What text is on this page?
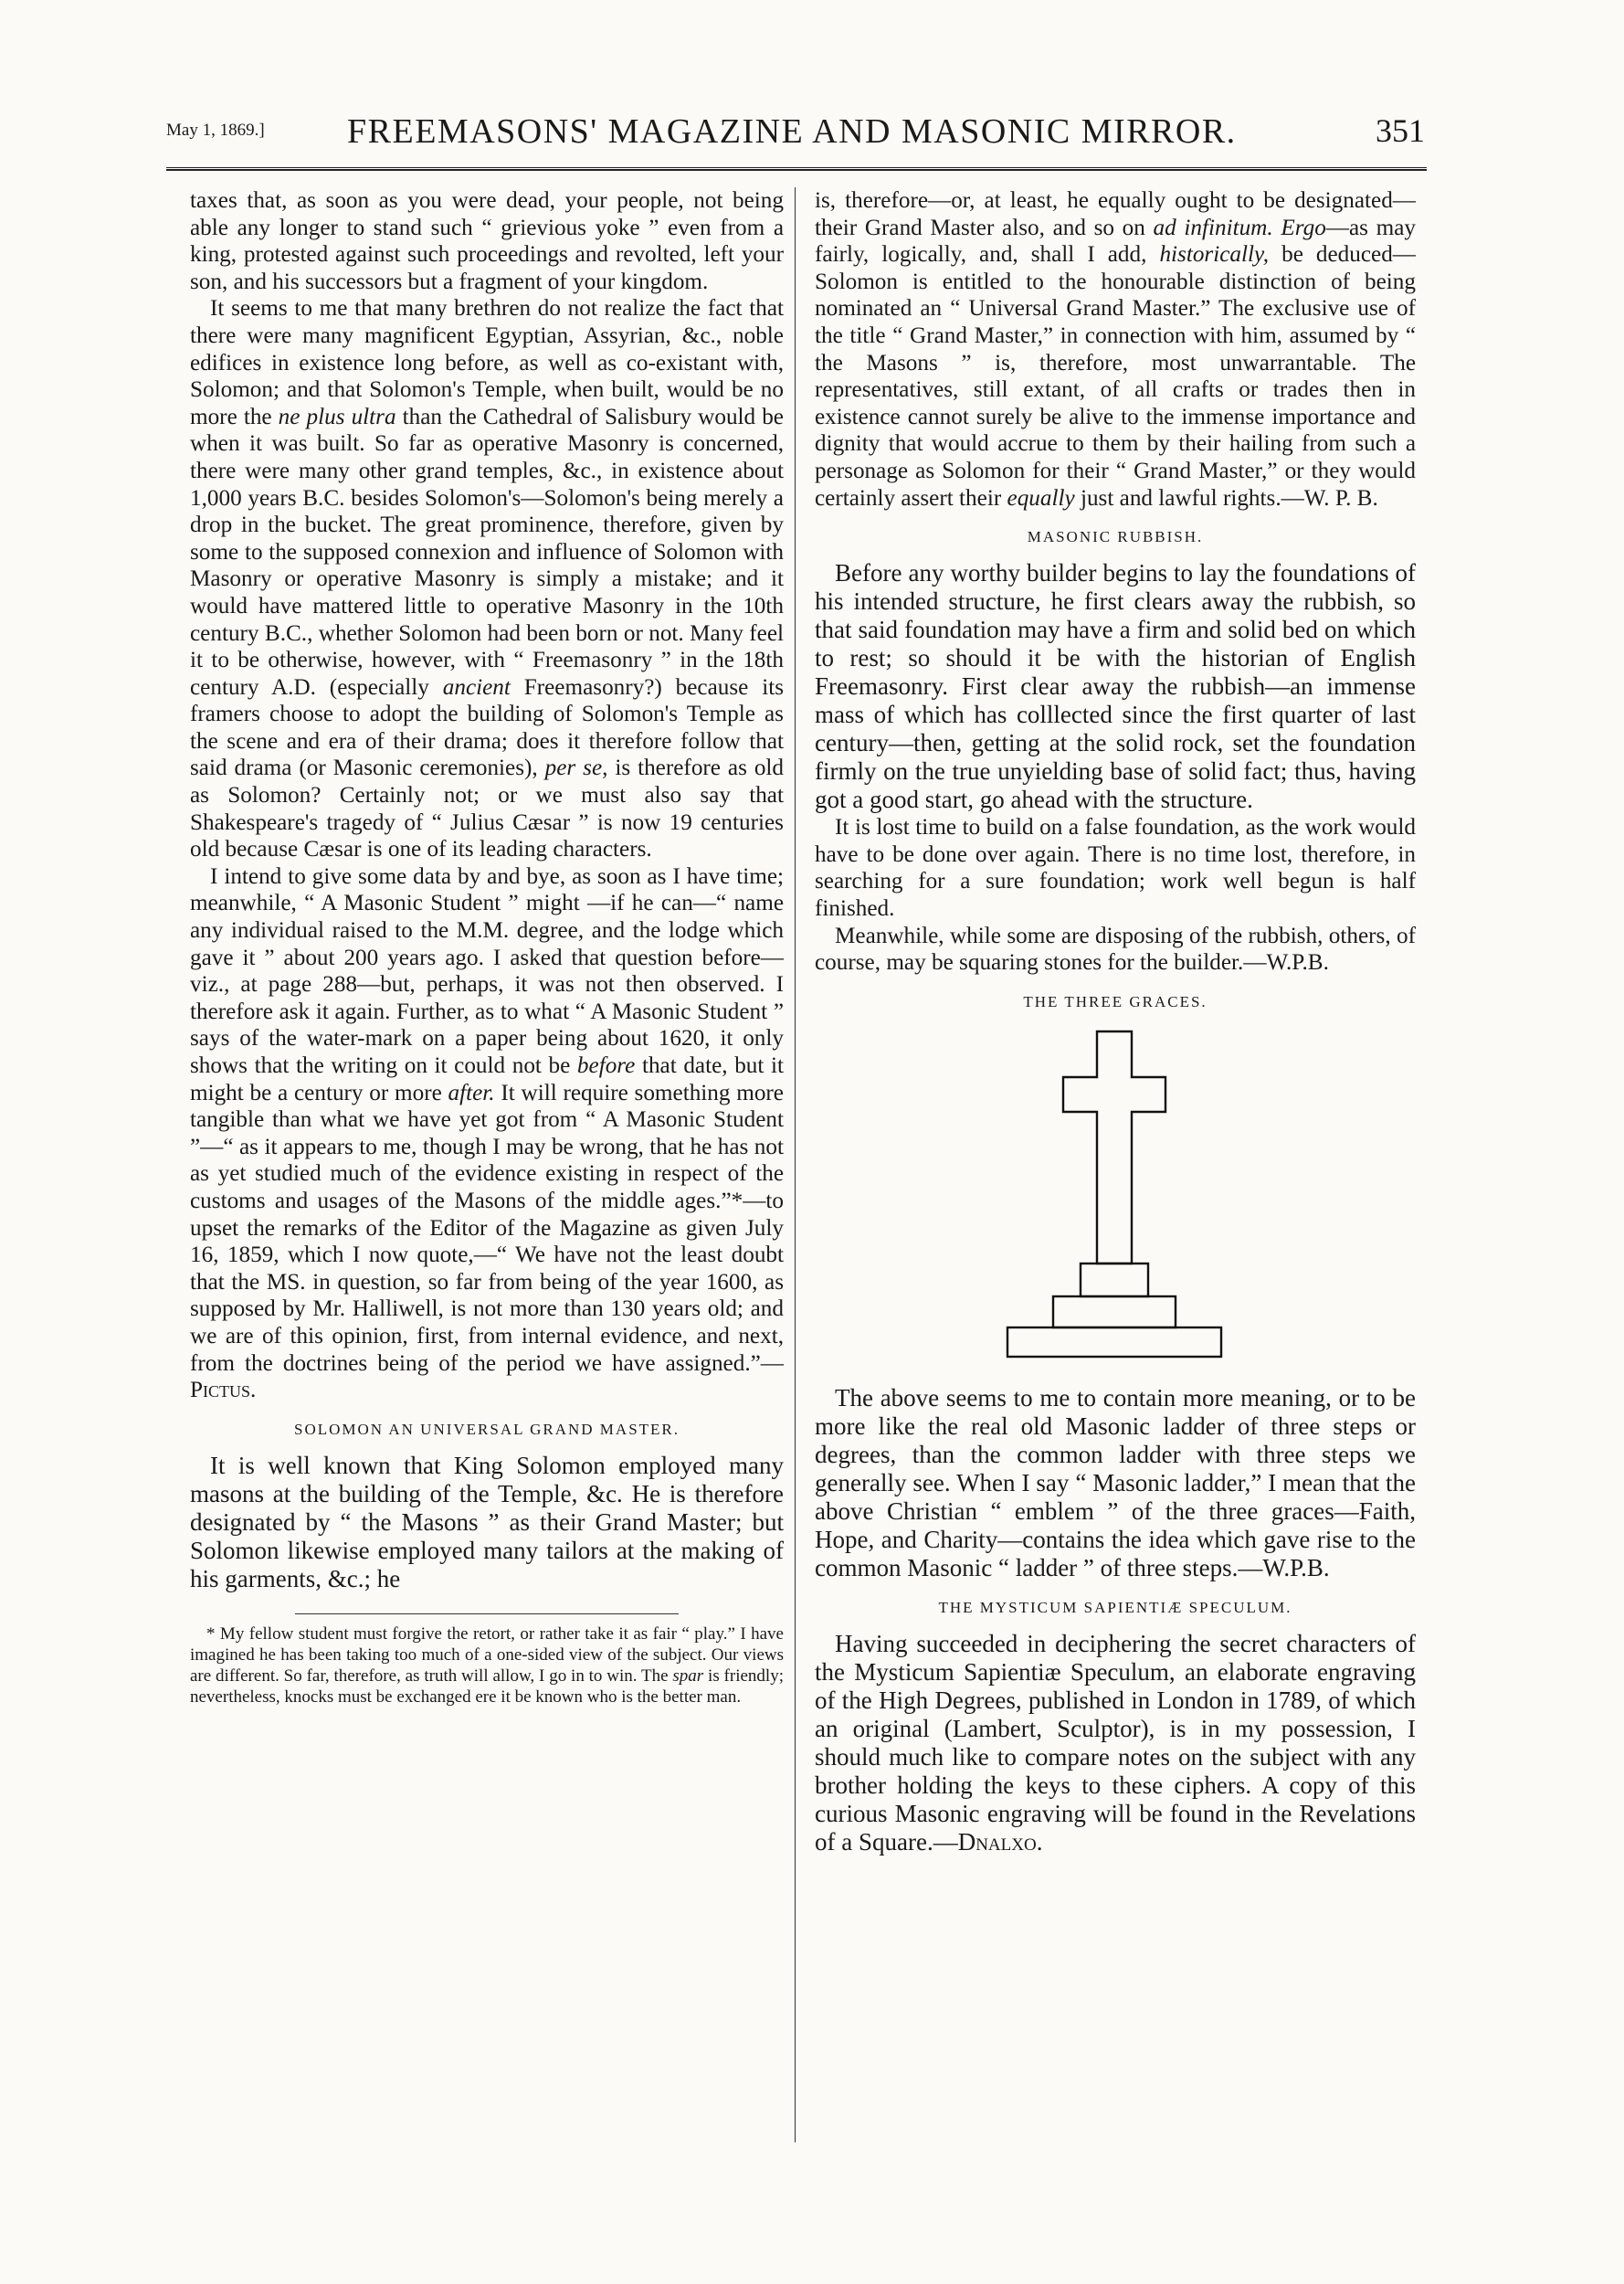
May 1, 1869.] FREEMASONS' MAGAZINE AND MASONIC MIRROR.	351

taxes that, as soon as you were dead, your people, not being able any longer to stand such “ grievious yoke ” even from a king, protested against such proceedings and revolted, left your son, and his successors but a fragment of your kingdom.

It seems to me that many brethren do not realize the fact that there were many magnificent Egyptian, Assyrian, &c., noble edifices in existence long before, as well as co-existant with, Solomon; and that Solomon's Temple, when built, would be no more the ne plus ultra than the Cathedral of Salisbury would be when it was built. So far as operative Masonry is concerned, there were many other grand temples, &c., in existence about 1,000 years B.C. besides Solomon's—Solomon's being merely a drop in the bucket. The great prominence, therefore, given by some to the supposed connexion and influence of Solomon with Masonry or operative Masonry is simply a mistake; and it would have mattered little to operative Masonry in the 10th century B.C., whether Solomon had been born or not. Many feel it to be otherwise, however, with “ Freemasonry ” in the 18th century A.D. (especially ancient Freemasonry?) because its framers choose to adopt the building of Solomon's Temple as the scene and era of their drama; does it therefore follow that said drama (or Masonic ceremonies), per se, is therefore as old as Solomon? Certainly not; or we must also say that Shakespeare's tragedy of “ Julius Cæsar ” is now 19 centuries old because Cæsar is one of its leading characters.

I intend to give some data by and bye, as soon as I have time; meanwhile, “ A Masonic Student ” might —if he can—“ name any individual raised to the M.M. degree, and the lodge which gave it ” about 200 years ago. I asked that question before—viz., at page 288—but, perhaps, it was not then observed. I therefore ask it again. Further, as to what “ A Masonic Student ” says of the water-mark on a paper being about 1620, it only shows that the writing on it could not be before that date, but it might be a century or more after. It will require something more tangible than what we have yet got from “ A Masonic Student ”—“ as it appears to me, though I may be wrong, that he has not as yet studied much of the evidence existing in respect of the customs and usages of the Masons of the middle ages.”*—to upset the remarks of the Editor of the Magazine as given July 16, 1859, which I now quote,—“ We have not the least doubt that the MS. in question, so far from being of the year 1600, as supposed by Mr. Halliwell, is not more than 130 years old; and we are of this opinion, first, from internal evidence, and next, from the doctrines being of the period we have assigned.”—Pictus.

SOLOMON AN UNIVERSAL GRAND MASTER.

It is well known that King Solomon employed many masons at the building of the Temple, &c. He is therefore designated by “ the Masons ” as their Grand Master; but Solomon likewise employed many tailors at the making of his garments, &c.; he

* My fellow student must forgive the retort, or rather take it as fair “ play.” I have imagined he has been taking too much of a one-sided view of the subject. Our views are different. So far, therefore, as truth will allow, I go in to win. The spar is friendly; nevertheless, knocks must be exchanged ere it be known who is the better man.

is, therefore—or, at least, he equally ought to be designated—their Grand Master also, and so on ad infinitum. Ergo—as may fairly, logically, and, shall I add, historically, be deduced—Solomon is entitled to the honourable distinction of being nominated an “ Universal Grand Master.” The exclusive use of the title “ Grand Master,” in connection with him, assumed by “ the Masons ” is, therefore, most unwarrantable. The representatives, still extant, of all crafts or trades then in existence cannot surely be alive to the immense importance and dignity that would accrue to them by their hailing from such a personage as Solomon for their “ Grand Master,” or they would certainly assert their equally just and lawful rights.—W. P. B.

MASONIC RUBBISH.

Before any worthy builder begins to lay the foundations of his intended structure, he first clears away the rubbish, so that said foundation may have a firm and solid bed on which to rest; so should it be with the historian of English Freemasonry. First clear away the rubbish—an immense mass of which has colllected since the first quarter of last century—then, getting at the solid rock, set the foundation firmly on the true unyielding base of solid fact; thus, having got a good start, go ahead with the structure.

It is lost time to build on a false foundation, as the work would have to be done over again. There is no time lost, therefore, in searching for a sure foundation; work well begun is half finished.

Meanwhile, while some are disposing of the rubbish, others, of course, may be squaring stones for the builder.—W.P.B.

THE THREE GRACES.

The above seems to me to contain more meaning, or to be more like the real old Masonic ladder of three steps or degrees, than the common ladder with three steps we generally see. When I say “ Masonic ladder,” I mean that the above Christian “ emblem ” of the three graces—Faith, Hope, and Charity—contains the idea which gave rise to the common Masonic “ ladder ” of three steps.—W.P.B.

THE MYSTICUM SAPIENTIÆ SPECULUM.

Having succeeded in deciphering the secret characters of the Mysticum Sapientiæ Speculum, an elaborate engraving of the High Degrees, published in London in 1789, of which an original (Lambert, Sculptor), is in my possession, I should much like to compare notes on the subject with any brother holding the keys to these ciphers. A copy of this curious Masonic engraving will be found in the Revelations of a Square.—Dnalxo.
